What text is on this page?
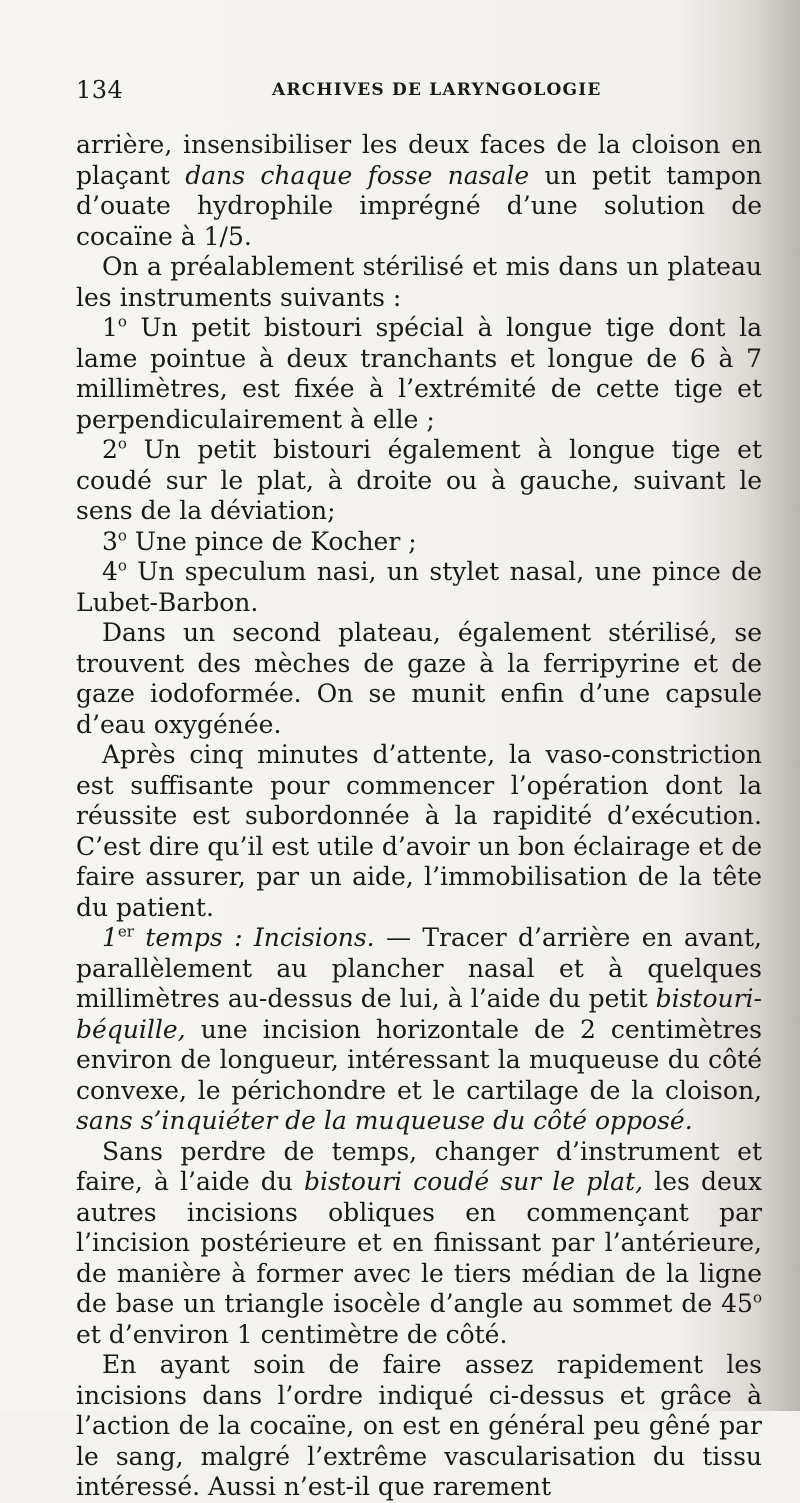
134	ARCHIVES DE LARYNGOLOGIE

arrière, insensibiliser les deux faces de la cloison en plaçant dans chaque fosse nasale un petit tampon d’ouate hydrophile imprégné d’une solution de cocaïne à 1/5.

On a préalablement stérilisé et mis dans un plateau les instruments suivants :

1$^o$ Un petit bistouri spécial à longue tige dont la lame pointue à deux tranchants et longue de 6 à 7 millimètres, est fixée à l’extrémité de cette tige et perpendiculairement à elle ;

2$^o$ Un petit bistouri également à longue tige et coudé sur le plat, à droite ou à gauche, suivant le sens de la déviation;

3$^o$ Une pince de Kocher ;

4$^o$ Un speculum nasi, un stylet nasal, une pince de Lubet-Barbon.

Dans un second plateau, également stérilisé, se trouvent des mèches de gaze à la ferripyrine et de gaze iodoformée. On se munit enfin d’une capsule d’eau oxygénée.

Après cinq minutes d’attente, la vaso-constriction est suffisante pour commencer l’opération dont la réussite est subordonnée à la rapidité d’exécution. C’est dire qu’il est utile d’avoir un bon éclairage et de faire assurer, par un aide, l’immobilisation de la tête du patient.

1er temps : Incisions. — Tracer d’arrière en avant, parallèlement au plancher nasal et à quelques millimètres au-dessus de lui, à l’aide du petit bistouri-béquille, une incision horizontale de 2 centimètres environ de longueur, intéressant la muqueuse du côté convexe, le périchondre et le cartilage de la cloison, sans s’inquiéter de la muqueuse du côté opposé.

Sans perdre de temps, changer d’instrument et faire, à l’aide du bistouri coudé sur le plat, les deux autres incisions obliques en commençant par l’incision postérieure et en finissant par l’antérieure, de manière à former avec le tiers médian de la ligne de base un triangle isocèle d’angle au sommet de 45$^o$ et d’environ 1 centimètre de côté.

En ayant soin de faire assez rapidement les incisions dans l’ordre indiqué ci-dessus et grâce à l’action de la cocaïne, on est en général peu gêné par le sang, malgré l’extrême vascularisation du tissu intéressé. Aussi n’est-il que rarement
